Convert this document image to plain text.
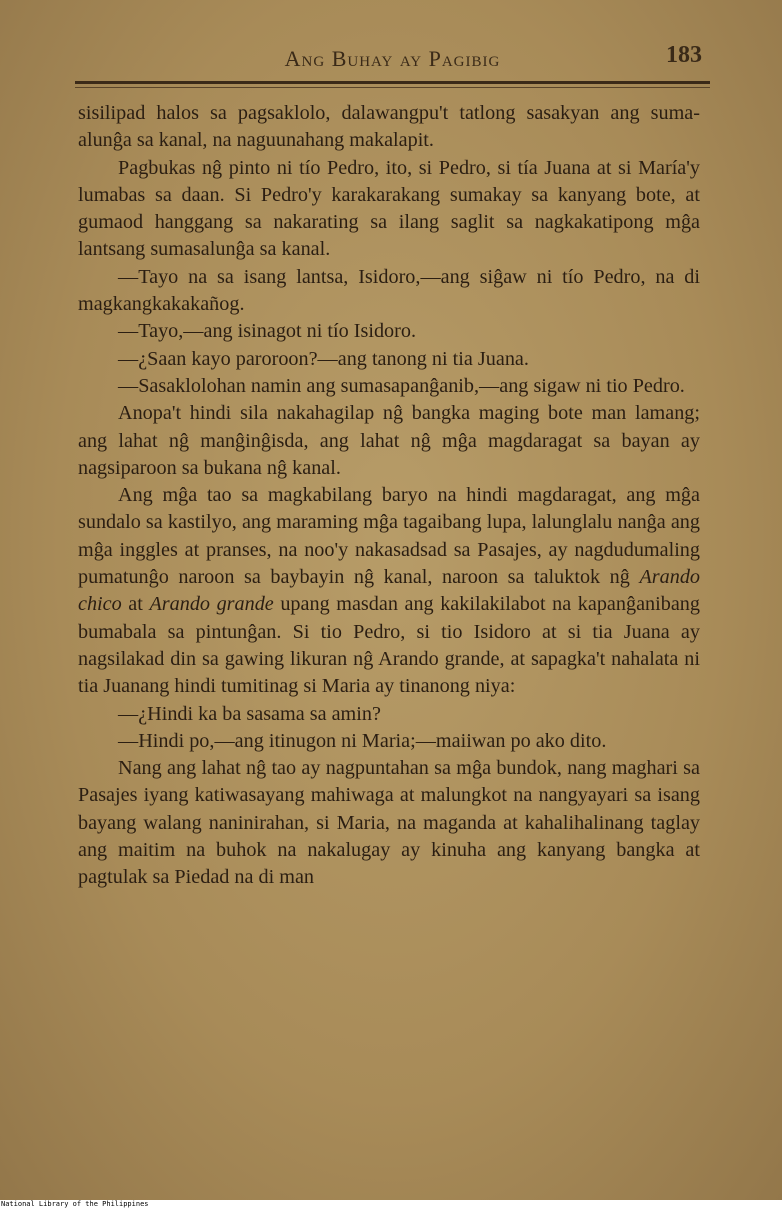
Ang Buhay ay Pagibig	183

sisilipad halos sa pagsaklolo, dalawangpu't tatlong sasakyan ang suma-alunĝa sa kanal, na naguunahang makalapit.

Pagbukas nĝ pinto ni tío Pedro, ito, si Pedro, si tía Juana at si María'y lumabas sa daan. Si Pedro'y karakarakang sumakay sa kanyang bote, at gumaod hanggang sa nakarating sa ilang saglit sa nagkakatipong mĝa lantsang sumasalunĝa sa kanal.

—Tayo na sa isang lantsa, Isidoro,—ang siĝaw ni tío Pedro, na di magkangkakakañog.

—Tayo,—ang isinagot ni tío Isidoro.

—¿Saan kayo paroroon?—ang tanong ni tia Juana.

—Sasaklolohan namin ang sumasapanĝanib,—ang sigaw ni tio Pedro.

Anopa't hindi sila nakahagilap nĝ bangka maging bote man lamang; ang lahat nĝ manĝinĝisda, ang lahat nĝ mĝa magdaragat sa bayan ay nagsiparoon sa bukana nĝ kanal.

Ang mĝa tao sa magkabilang baryo na hindi magdaragat, ang mĝa sundalo sa kastilyo, ang maraming mĝa tagaibang lupa, lalunglalu nanĝa ang mĝa inggles at pranses, na noo'y nakasadsad sa Pasajes, ay nagdudumaling pumatunĝo naroon sa baybayin nĝ kanal, naroon sa taluktok nĝ Arando chico at Arando grande upang masdan ang kakilakilabot na kapanĝanibang bumabala sa pintunĝan. Si tio Pedro, si tio Isidoro at si tia Juana ay nagsilakad din sa gawing likuran nĝ Arando grande, at sapagka't nahalata ni tia Juanang hindi tumitinag si Maria ay tinanong niya:

—¿Hindi ka ba sasama sa amin?

—Hindi po,—ang itinugon ni Maria;—maiiwan po ako dito.

Nang ang lahat nĝ tao ay nagpuntahan sa mĝa bundok, nang maghari sa Pasajes iyang katiwasayang mahiwaga at malungkot na nangyayari sa isang bayang walang naninirahan, si Maria, na maganda at kahalihalinang taglay ang maitim na buhok na nakalugay ay kinuha ang kanyang bangka at pagtulak sa Piedad na di man

National Library of the Philippines
